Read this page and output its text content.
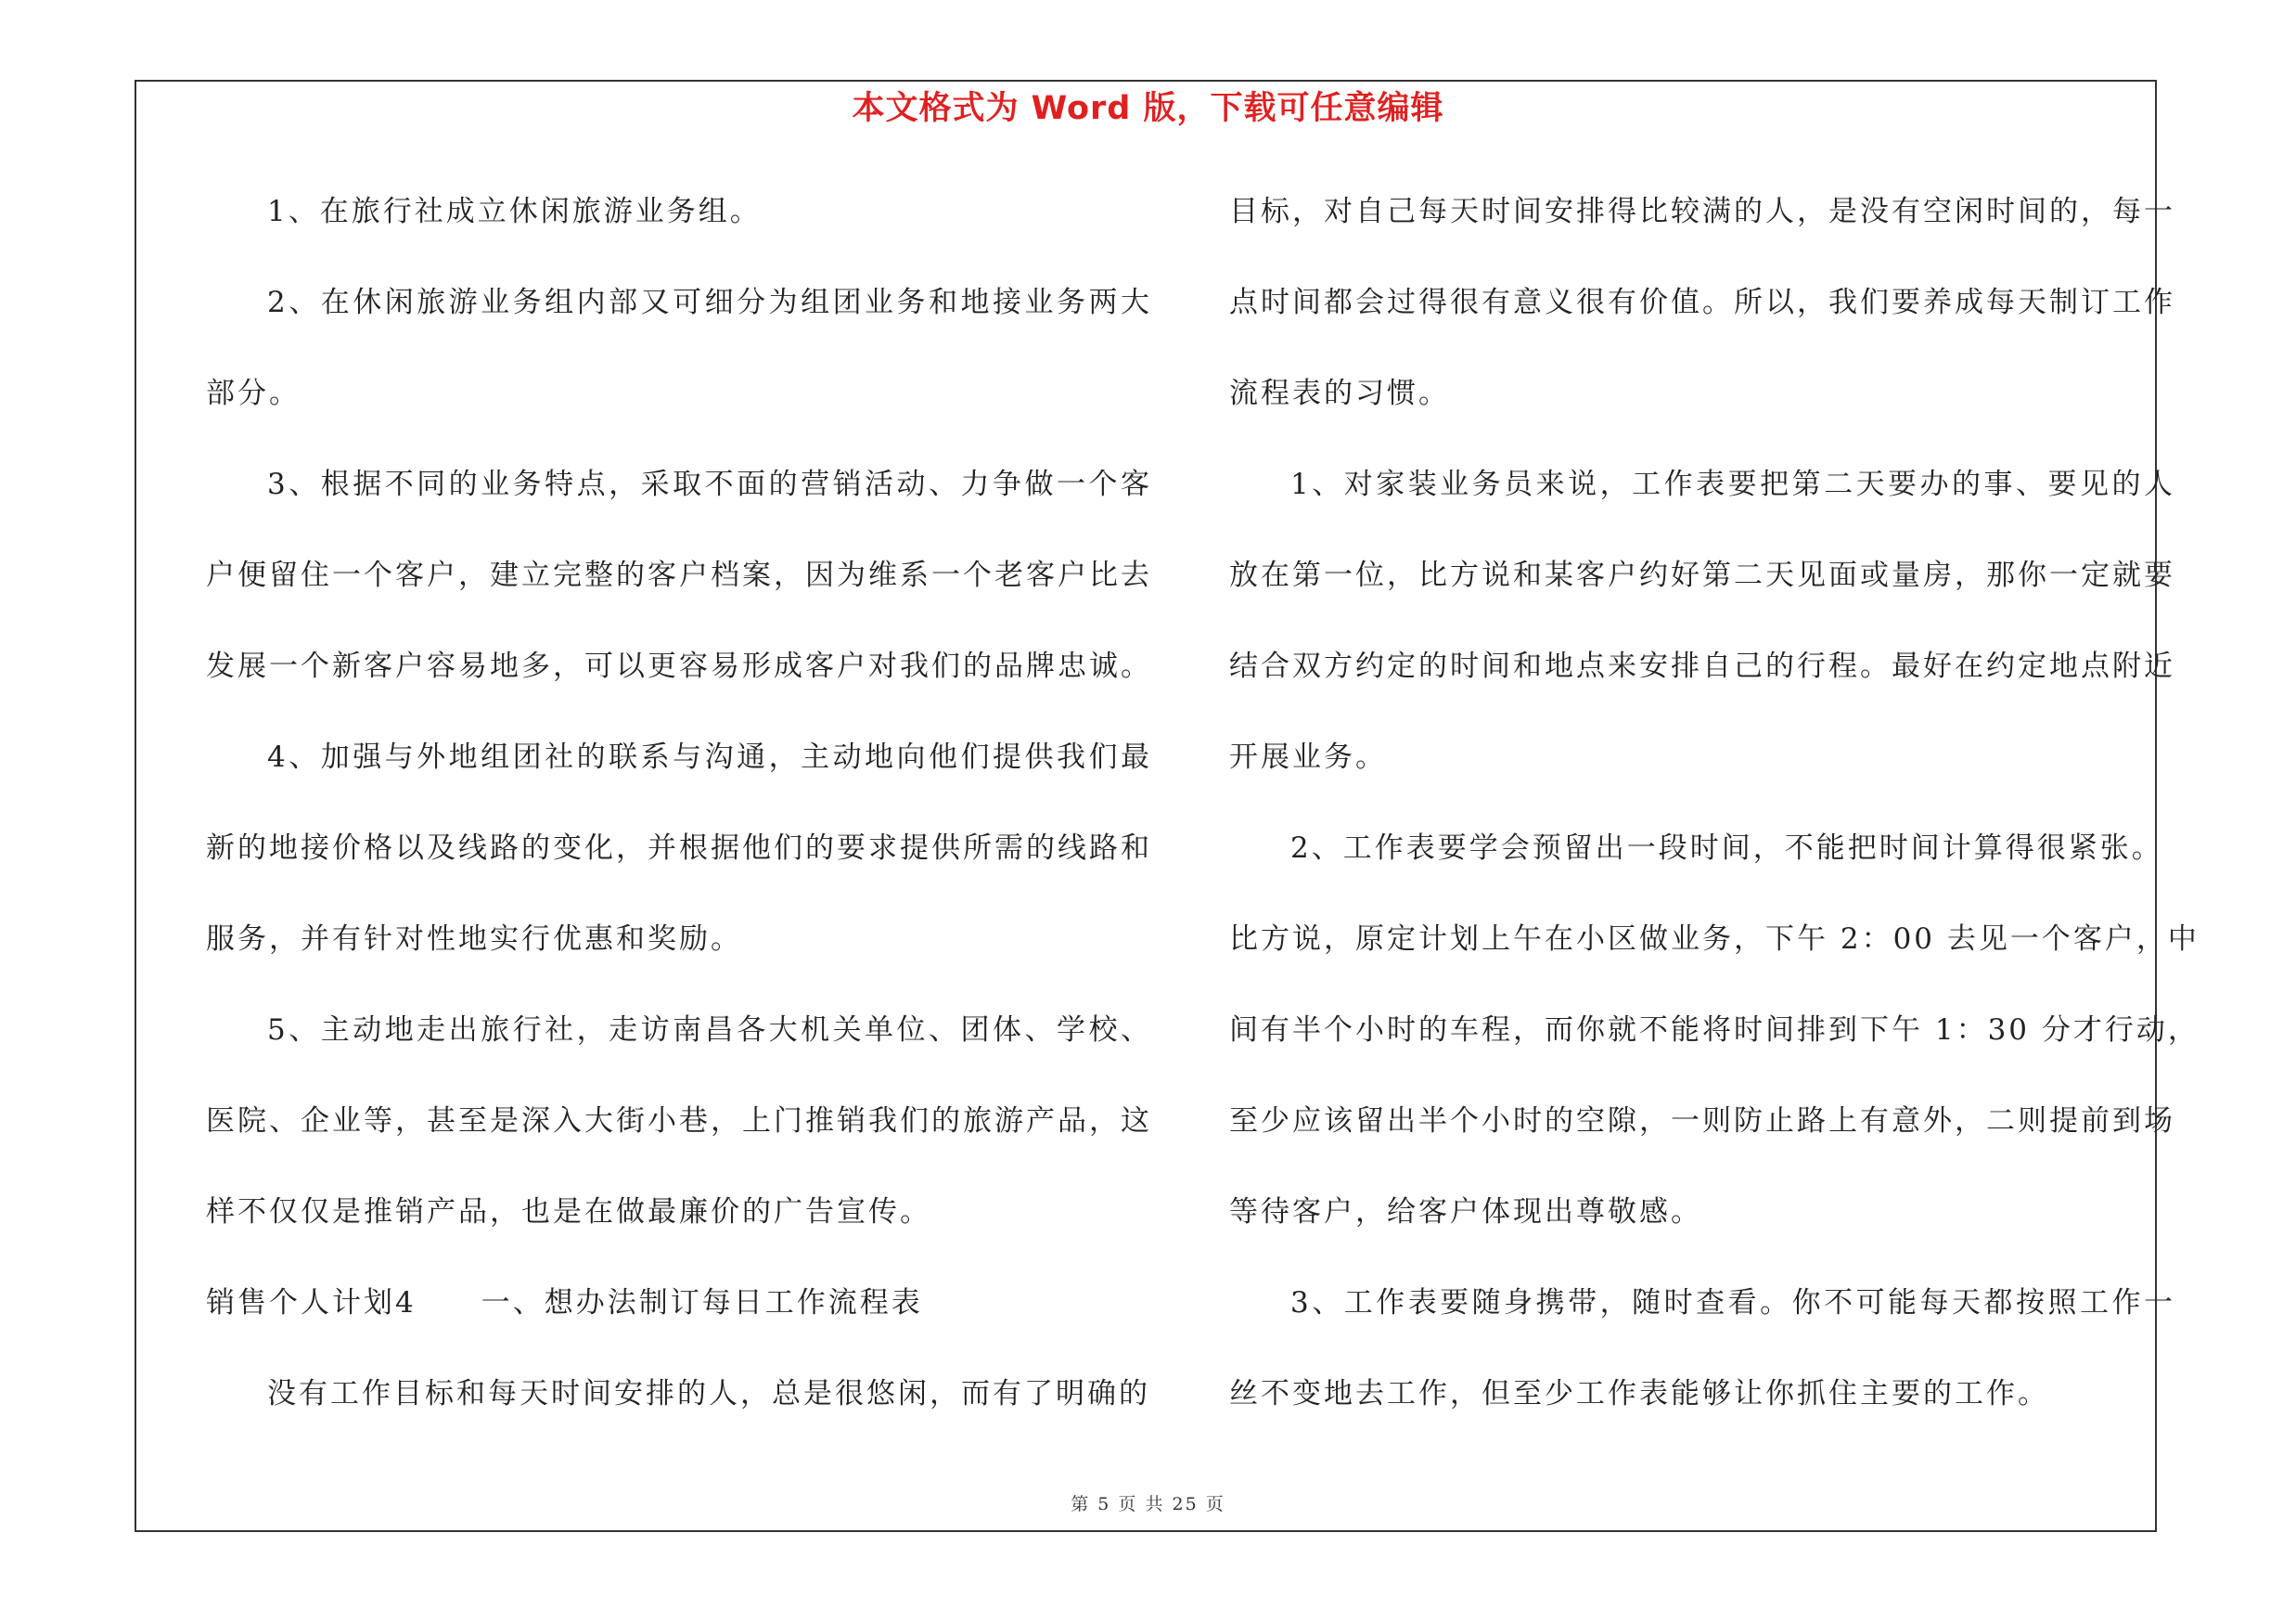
本文格式为 Word 版，下载可任意编辑
1、在旅行社成立休闲旅游业务组。
2、在休闲旅游业务组内部又可细分为组团业务和地接业务两大
部分。
3、根据不同的业务特点，采取不面的营销活动、力争做一个客
户便留住一个客户，建立完整的客户档案，因为维系一个老客户比去
发展一个新客户容易地多，可以更容易形成客户对我们的品牌忠诚。
4、加强与外地组团社的联系与沟通，主动地向他们提供我们最
新的地接价格以及线路的变化，并根据他们的要求提供所需的线路和
服务，并有针对性地实行优惠和奖励。
5、主动地走出旅行社，走访南昌各大机关单位、团体、学校、
医院、企业等，甚至是深入大街小巷，上门推销我们的旅游产品，这
样不仅仅是推销产品，也是在做最廉价的广告宣传。
销售个人计划4 一、想办法制订每日工作流程表
没有工作目标和每天时间安排的人，总是很悠闲，而有了明确的
目标，对自己每天时间安排得比较满的人，是没有空闲时间的，每一
点时间都会过得很有意义很有价值。所以，我们要养成每天制订工作
流程表的习惯。
1、对家装业务员来说，工作表要把第二天要办的事、要见的人
放在第一位，比方说和某客户约好第二天见面或量房，那你一定就要
结合双方约定的时间和地点来安排自己的行程。最好在约定地点附近
开展业务。
2、工作表要学会预留出一段时间，不能把时间计算得很紧张。
比方说，原定计划上午在小区做业务，下午 2：00 去见一个客户，中
间有半个小时的车程，而你就不能将时间排到下午 1：30 分才行动，
至少应该留出半个小时的空隙，一则防止路上有意外，二则提前到场
等待客户，给客户体现出尊敬感。
3、工作表要随身携带，随时查看。你不可能每天都按照工作一
丝不变地去工作，但至少工作表能够让你抓住主要的工作。
第 5 页 共 25 页
